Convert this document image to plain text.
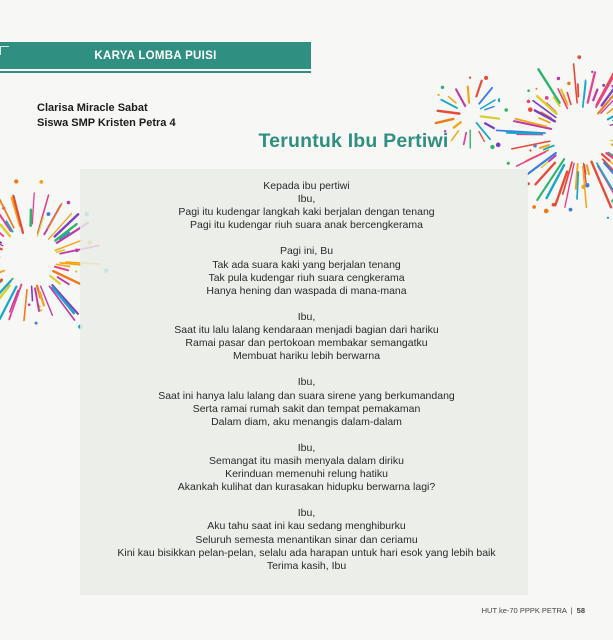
KARYA LOMBA PUISI
Clarisa Miracle Sabat
Siswa SMP Kristen Petra 4
Teruntuk Ibu Pertiwi
Kepada ibu pertiwi
Ibu,
Pagi itu kudengar langkah kaki berjalan dengan tenang
Pagi itu kudengar riuh suara anak bercengkerama
Pagi ini, Bu
Tak ada suara kaki yang berjalan tenang
Tak pula kudengar riuh suara cengkerama
Hanya hening dan waspada di mana-mana
Ibu,
Saat itu lalu lalang kendaraan menjadi bagian dari hariku
Ramai pasar dan pertokoan membakar semangatku
Membuat hariku lebih berwarna
Ibu,
Saat ini hanya lalu lalang dan suara sirene yang berkumandang
Serta ramai rumah sakit dan tempat pemakaman
Dalam diam, aku menangis dalam-dalam
Ibu,
Semangat itu masih menyala dalam diriku
Kerinduan memenuhi relung hatiku
Akankah kulihat dan kurasakan hidupku berwarna lagi?
Ibu,
Aku tahu saat ini kau sedang menghiburku
Seluruh semesta menantikan sinar dan ceriamu
Kini kau bisikkan pelan-pelan, selalu ada harapan untuk hari esok yang lebih baik
Terima kasih, Ibu
HUT ke-70 PPPK PETRA | 58
